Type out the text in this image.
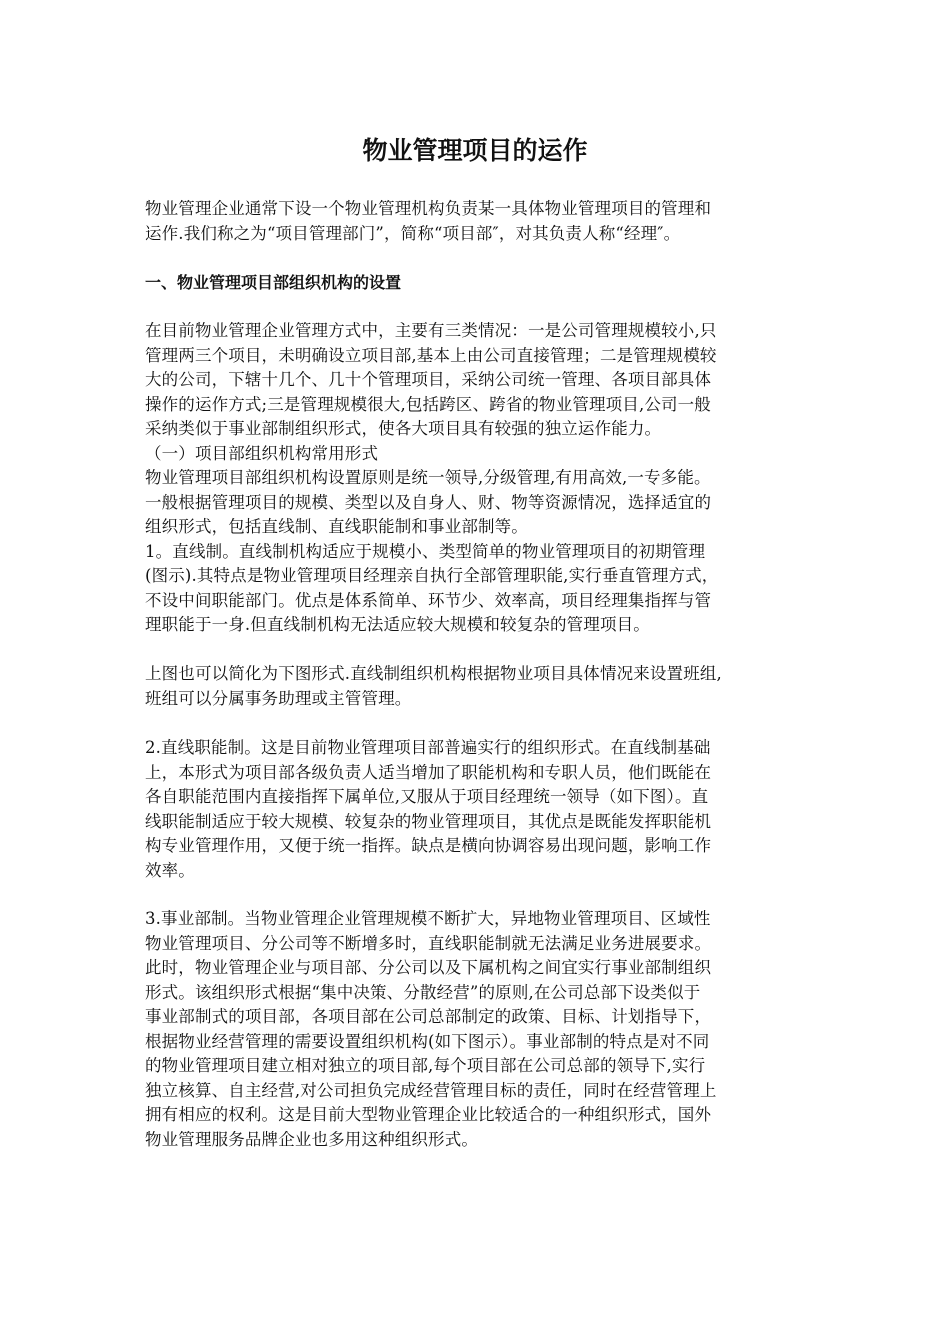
物业管理项目的运作
物业管理企业通常下设一个物业管理机构负责某一具体物业管理项目的管理和
运作.我们称之为“项目管理部门”，简称“项目部″，对其负责人称“经理″。
一、物业管理项目部组织机构的设置
在目前物业管理企业管理方式中，主要有三类情况：一是公司管理规模较小,只
管理两三个项目，未明确设立项目部,基本上由公司直接管理；二是管理规模较
大的公司，下辖十几个、几十个管理项目，采纳公司统一管理、各项目部具体
操作的运作方式;三是管理规模很大,包括跨区、跨省的物业管理项目,公司一般
采纳类似于事业部制组织形式，使各大项目具有较强的独立运作能力。
（一）项目部组织机构常用形式
物业管理项目部组织机构设置原则是统一领导,分级管理,有用高效,一专多能。
一般根据管理项目的规模、类型以及自身人、财、物等资源情况，选择适宜的
组织形式，包括直线制、直线职能制和事业部制等。
1。直线制。直线制机构适应于规模小、类型简单的物业管理项目的初期管理
(图示).其特点是物业管理项目经理亲自执行全部管理职能,实行垂直管理方式，
不设中间职能部门。优点是体系简单、环节少、效率高，项目经理集指挥与管
理职能于一身.但直线制机构无法适应较大规模和较复杂的管理项目。
上图也可以简化为下图形式.直线制组织机构根据物业项目具体情况来设置班组,
班组可以分属事务助理或主管管理。
2.直线职能制。这是目前物业管理项目部普遍实行的组织形式。在直线制基础
上，本形式为项目部各级负责人适当增加了职能机构和专职人员，他们既能在
各自职能范围内直接指挥下属单位,又服从于项目经理统一领导（如下图）。直
线职能制适应于较大规模、较复杂的物业管理项目，其优点是既能发挥职能机
构专业管理作用，又便于统一指挥。缺点是横向协调容易出现问题，影响工作
效率。
3.事业部制。当物业管理企业管理规模不断扩大，异地物业管理项目、区域性
物业管理项目、分公司等不断增多时，直线职能制就无法满足业务进展要求。
此时，物业管理企业与项目部、分公司以及下属机构之间宜实行事业部制组织
形式。该组织形式根据“集中决策、分散经营”的原则,在公司总部下设类似于
事业部制式的项目部，各项目部在公司总部制定的政策、目标、计划指导下，
根据物业经营管理的需要设置组织机构(如下图示）。事业部制的特点是对不同
的物业管理项目建立相对独立的项目部,每个项目部在公司总部的领导下,实行
独立核算、自主经营,对公司担负完成经营管理目标的责任，同时在经营管理上
拥有相应的权利。这是目前大型物业管理企业比较适合的一种组织形式，国外
物业管理服务品牌企业也多用这种组织形式。
